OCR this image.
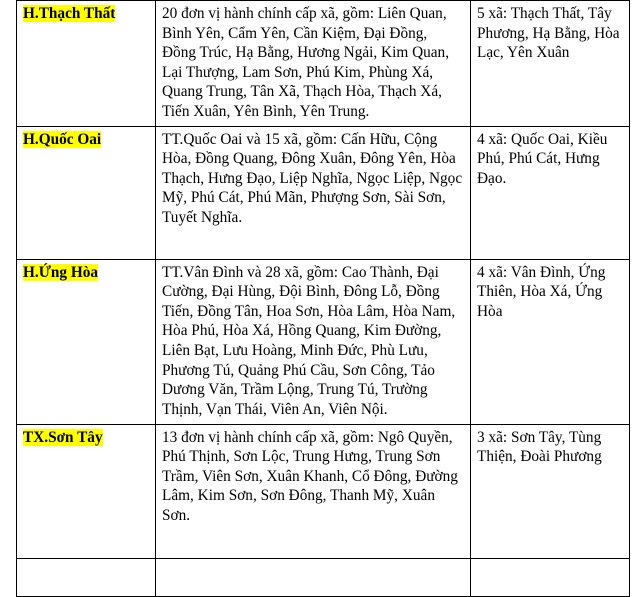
H.Thạch Thất	20 đơn vị hành chính cấp xã, gồm: Liên Quan, Bình Yên, Cẩm Yên, Cần Kiệm, Đại Đồng, Đồng Trúc, Hạ Bằng, Hương Ngải, Kim Quan, Lại Thượng, Lam Sơn, Phú Kim, Phùng Xá, Quang Trung, Tân Xã, Thạch Hòa, Thạch Xá, Tiến Xuân, Yên Bình, Yên Trung.	5 xã: Thạch Thất, Tây Phương, Hạ Bằng, Hòa Lạc, Yên Xuân
H.Quốc Oai	TT.Quốc Oai và 15 xã, gồm: Cấn Hữu, Cộng Hòa, Đồng Quang, Đông Xuân, Đông Yên, Hòa Thạch, Hưng Đạo, Liệp Nghĩa, Ngọc Liệp, Ngọc Mỹ, Phú Cát, Phú Mãn, Phượng Sơn, Sài Sơn, Tuyết Nghĩa.	4 xã: Quốc Oai, Kiều Phú, Phú Cát, Hưng Đạo.
H.Ứng Hòa	TT.Vân Đình và 28 xã, gồm: Cao Thành, Đại Cường, Đại Hùng, Đội Bình, Đông Lỗ, Đồng Tiến, Đồng Tân, Hoa Sơn, Hòa Lâm, Hòa Nam, Hòa Phú, Hòa Xá, Hồng Quang, Kim Đường, Liên Bạt, Lưu Hoàng, Minh Đức, Phù Lưu, Phương Tú, Quảng Phú Cầu, Sơn Công, Tảo Dương Văn, Trầm Lộng, Trung Tú, Trường Thịnh, Vạn Thái, Viên An, Viên Nội.	4 xã: Vân Đình, Ứng Thiên, Hòa Xá, Ứng Hòa
TX.Sơn Tây	13 đơn vị hành chính cấp xã, gồm: Ngô Quyền, Phú Thịnh, Sơn Lộc, Trung Hưng, Trung Sơn Trầm, Viên Sơn, Xuân Khanh, Cổ Đông, Đường Lâm, Kim Sơn, Sơn Đông, Thanh Mỹ, Xuân Sơn.	3 xã: Sơn Tây, Tùng Thiện, Đoài Phương
